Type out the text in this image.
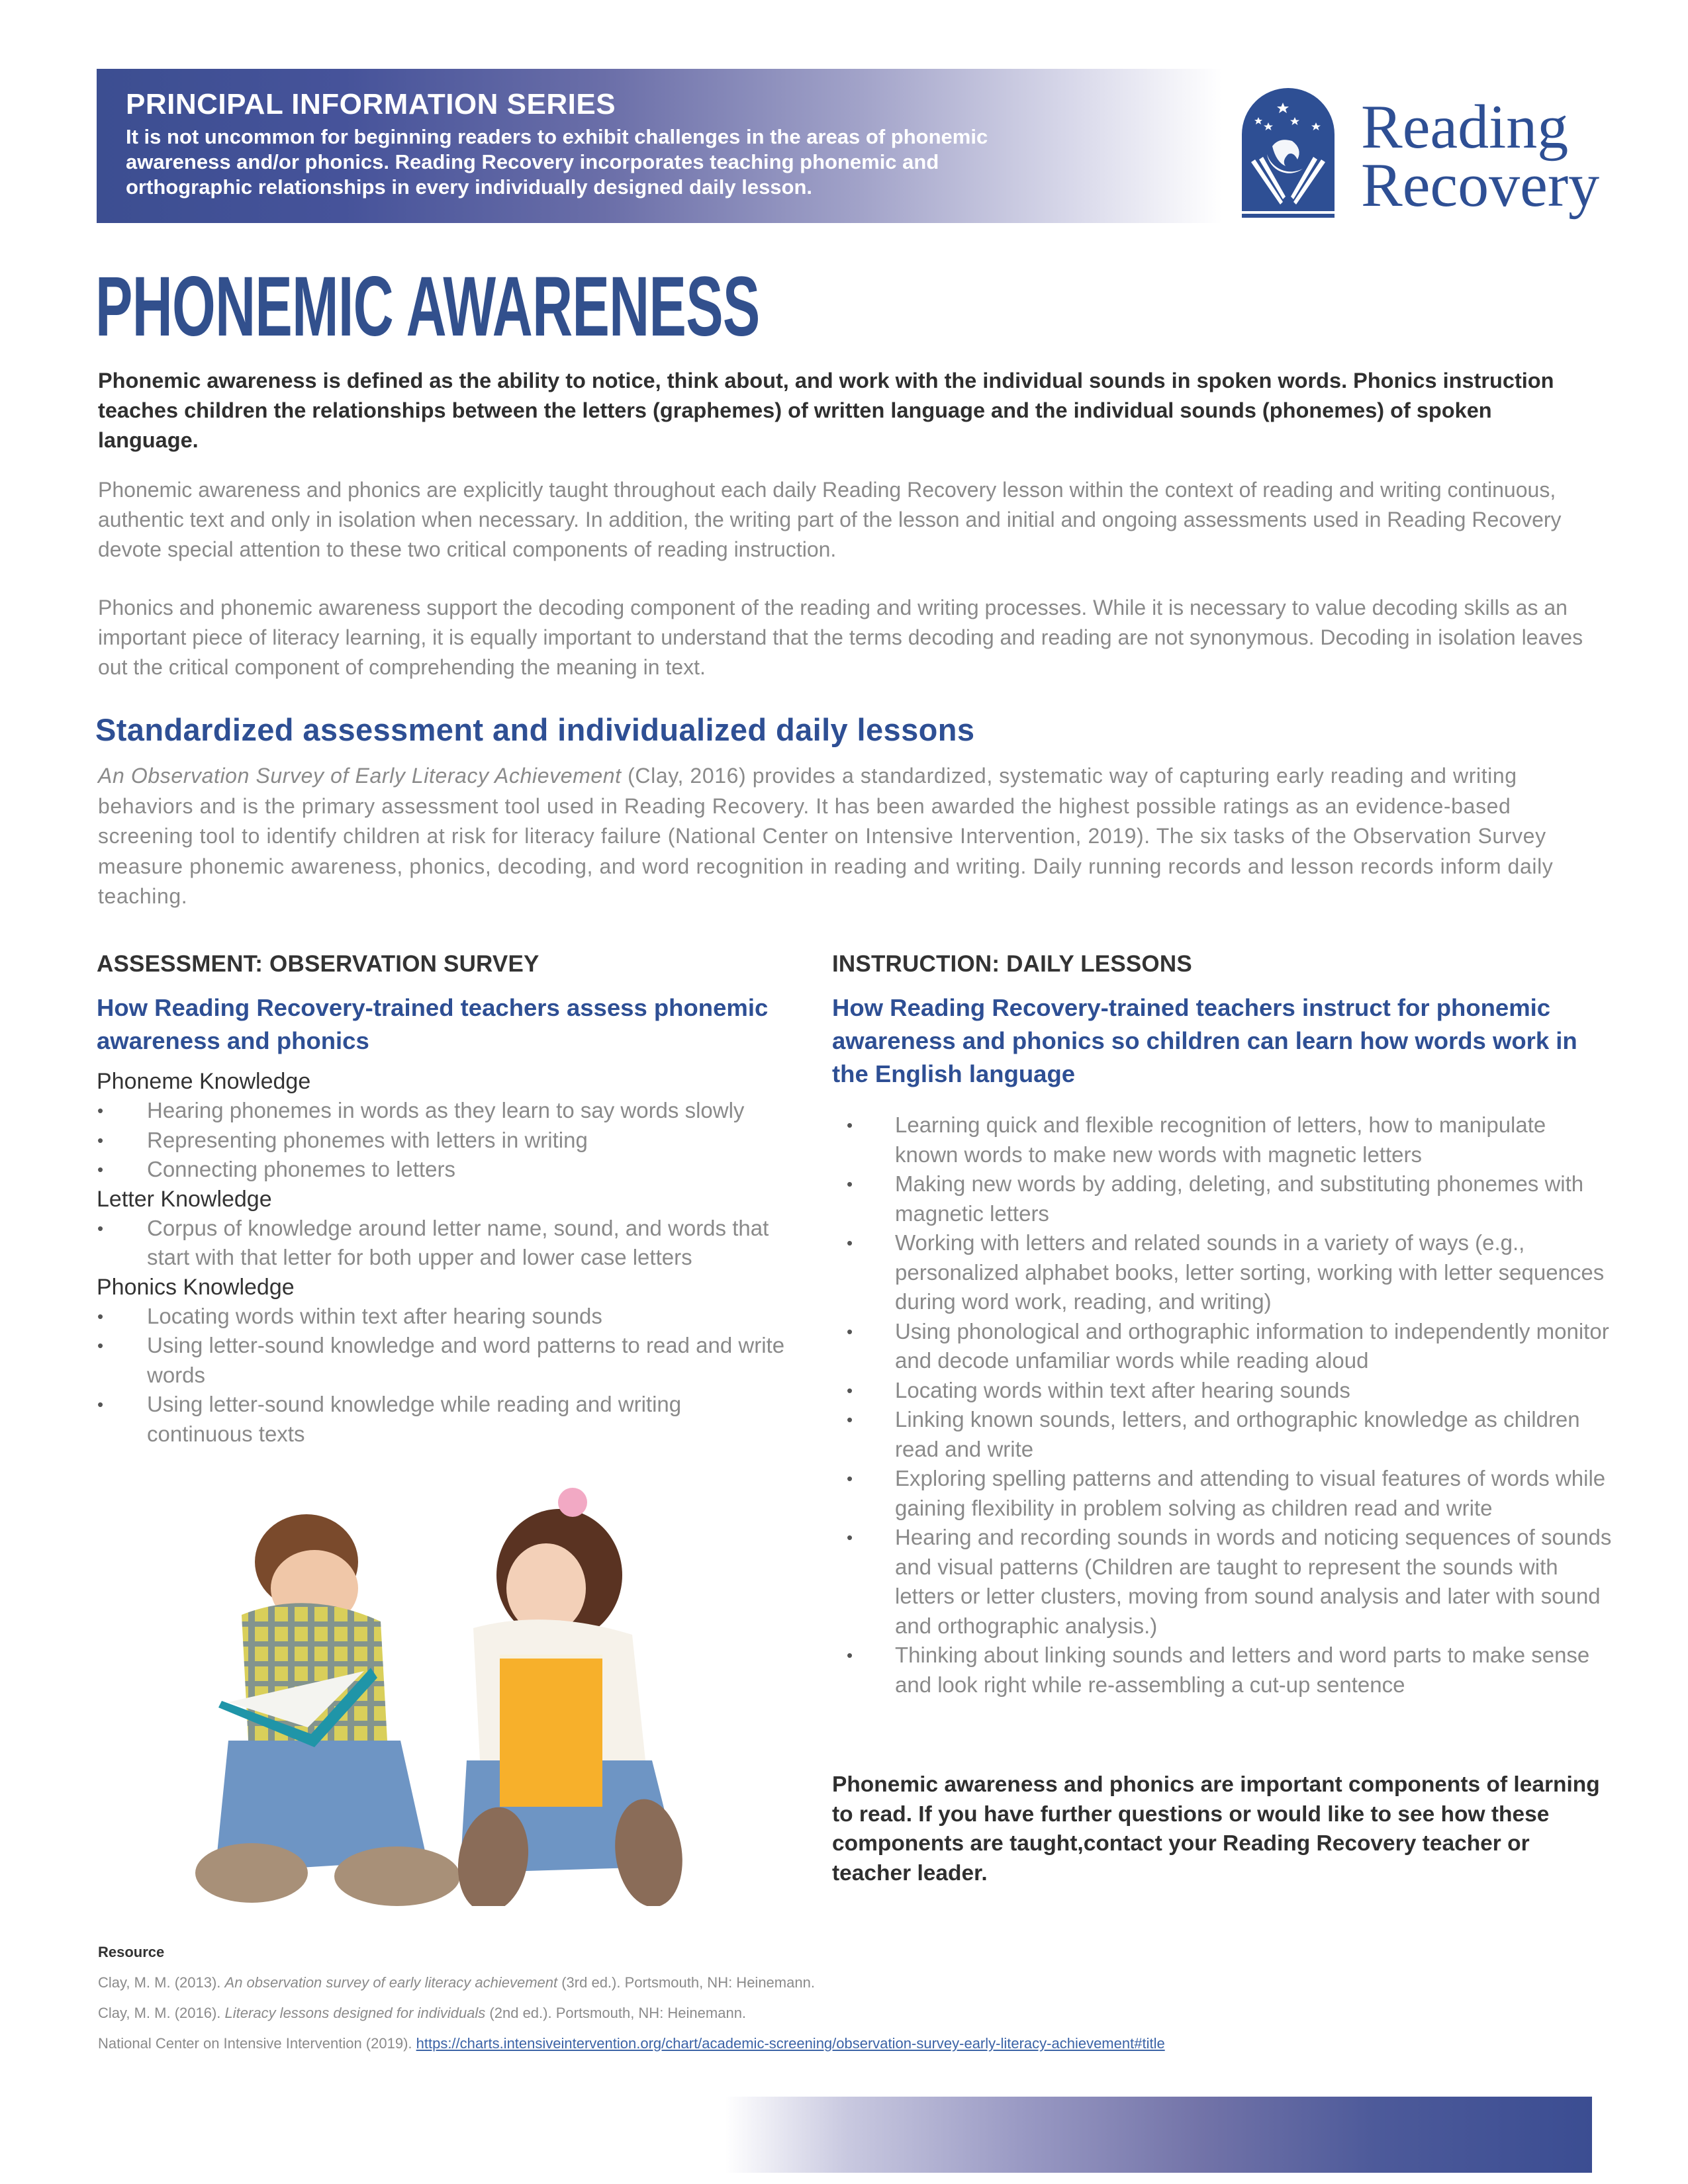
PRINCIPAL INFORMATION SERIES
It is not uncommon for beginning readers to exhibit challenges in the areas of phonemic awareness and/or phonics. Reading Recovery incorporates teaching phonemic and orthographic relationships in every individually designed daily lesson.
Reading
Recovery
PHONEMIC AWARENESS
Phonemic awareness is defined as the ability to notice, think about, and work with the individual sounds in spoken words. Phonics instruction teaches children the relationships between the letters (graphemes) of written language and the individual sounds (phonemes) of spoken language.
Phonemic awareness and phonics are explicitly taught throughout each daily Reading Recovery lesson within the context of reading and writing continuous, authentic text and only in isolation when necessary. In addition, the writing part of the lesson and initial and ongoing assessments used in Reading Recovery devote special attention to these two critical components of reading instruction.
Phonics and phonemic awareness support the decoding component of the reading and writing processes. While it is necessary to value decoding skills as an important piece of literacy learning, it is equally important to understand that the terms decoding and reading are not synonymous. Decoding in isolation leaves out the critical component of comprehending the meaning in text.
Standardized assessment and individualized daily lessons
An Observation Survey of Early Literacy Achievement (Clay, 2016) provides a standardized, systematic way of capturing early reading and writing behaviors and is the primary assessment tool used in Reading Recovery. It has been awarded the highest possible ratings as an evidence-based screening tool to identify children at risk for literacy failure (National Center on Intensive Intervention, 2019). The six tasks of the Observation Survey measure phonemic awareness, phonics, decoding, and word recognition in reading and writing. Daily running records and lesson records inform daily teaching.
ASSESSMENT: OBSERVATION SURVEY
How Reading Recovery-trained teachers assess phonemic awareness and phonics
Phoneme Knowledge
• Hearing phonemes in words as they learn to say words slowly
• Representing phonemes with letters in writing
• Connecting phonemes to letters
Letter Knowledge
• Corpus of knowledge around letter name, sound, and words that start with that letter for both upper and lower case letters
Phonics Knowledge
• Locating words within text after hearing sounds
• Using letter-sound knowledge and word patterns to read and write words
• Using letter-sound knowledge while reading and writing continuous texts
INSTRUCTION: DAILY LESSONS
How Reading Recovery-trained teachers instruct for phonemic awareness and phonics so children can learn how words work in the English language
• Learning quick and flexible recognition of letters, how to manipulate known words to make new words with magnetic letters
• Making new words by adding, deleting, and substituting phonemes with magnetic letters
• Working with letters and related sounds in a variety of ways (e.g., personalized alphabet books, letter sorting, working with letter sequences during word work, reading, and writing)
• Using phonological and orthographic information to independently monitor and decode unfamiliar words while reading aloud
• Locating words within text after hearing sounds
• Linking known sounds, letters, and orthographic knowledge as children read and write
• Exploring spelling patterns and attending to visual features of words while gaining flexibility in problem solving as children read and write
• Hearing and recording sounds in words and noticing sequences of sounds and visual patterns (Children are taught to represent the sounds with letters or letter clusters, moving from sound analysis and later with sound and orthographic analysis.)
• Thinking about linking sounds and letters and word parts to make sense and look right while re-assembling a cut-up sentence
Phonemic awareness and phonics are important components of learning to read. If you have further questions or would like to see how these components are taught,contact your Reading Recovery teacher or teacher leader.
Resource
Clay, M. M. (2013). An observation survey of early literacy achievement (3rd ed.). Portsmouth, NH: Heinemann.
Clay, M. M. (2016). Literacy lessons designed for individuals (2nd ed.). Portsmouth, NH: Heinemann.
National Center on Intensive Intervention (2019). https://charts.intensiveintervention.org/chart/academic-screening/observation-survey-early-literacy-achievement#title
